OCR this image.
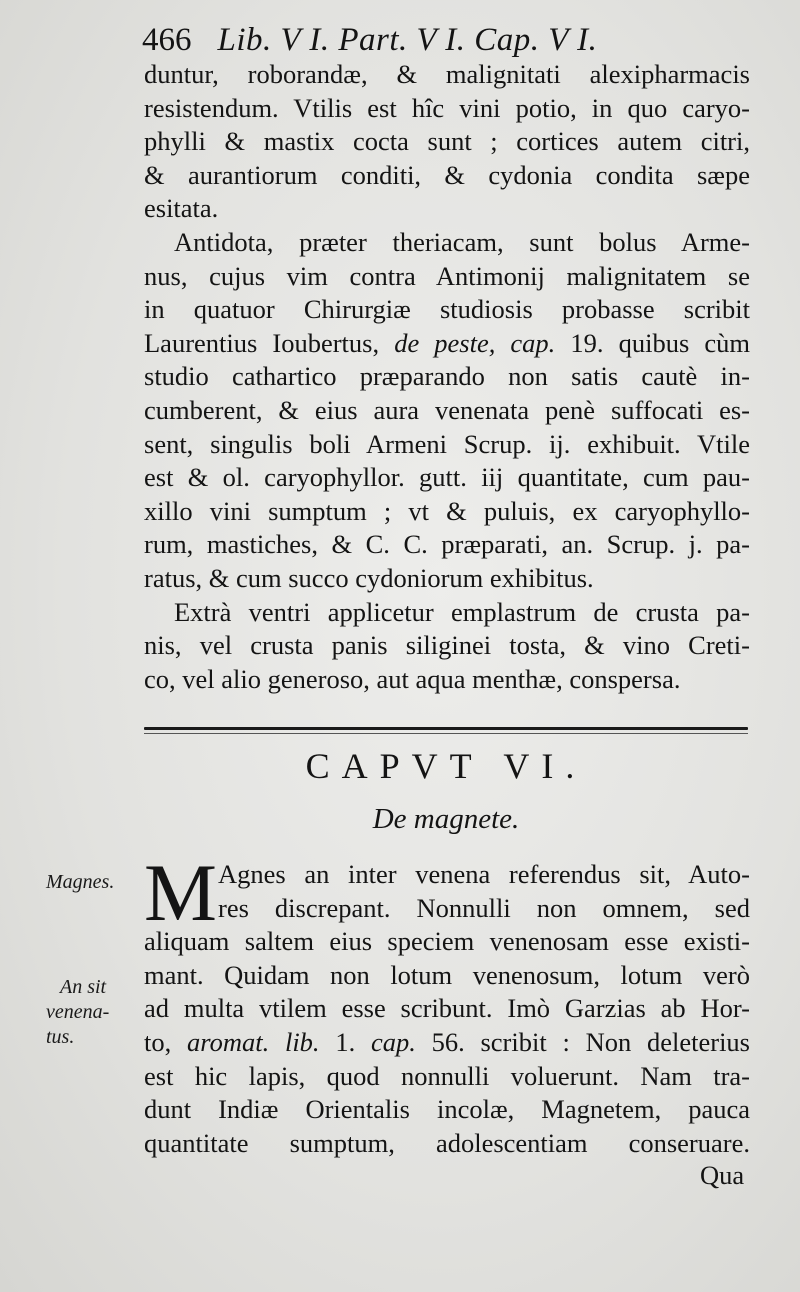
466 Lib. V I. Part. V I. Cap. V I.
duntur, roborandæ, & malignitati alexipharmacis
resistendum. Vtilis est hîc vini potio, in quo caryo-
phylli & mastix cocta sunt ; cortices autem citri,
& aurantiorum conditi, & cydonia condita sæpe
esitata.
Antidota, præter theriacam, sunt bolus Arme-
nus, cujus vim contra Antimonij malignitatem se
in quatuor Chirurgiæ studiosis probasse scribit
Laurentius Ioubertus, de peste, cap. 19. quibus cùm
studio cathartico præparando non satis cautè in-
cumberent, & eius aura venenata penè suffocati es-
sent, singulis boli Armeni Scrup. ij. exhibuit. Vtile
est & ol. caryophyllor. gutt. iij quantitate, cum pau-
xillo vini sumptum ; vt & puluis, ex caryophyllo-
rum, mastiches, & C. C. præparati, an. Scrup. j. pa-
ratus, & cum succo cydoniorum exhibitus.
Extrà ventri applicetur emplastrum de crusta pa-
nis, vel crusta panis siliginei tosta, & vino Creti-
co, vel alio generoso, aut aqua menthæ, conspersa.
CAPVT VI.
De magnete.
M Agnes an inter venena referendus sit, Auto-
res discrepant. Nonnulli non omnem, sed
aliquam saltem eius speciem venenosam esse existi-
mant. Quidam non lotum venenosum, lotum verò
ad multa vtilem esse scribunt. Imò Garzias ab Hor-
to, aromat. lib. 1. cap. 56. scribit : Non deleterius
est hic lapis, quod nonnulli voluerunt. Nam tra-
dunt Indiæ Orientalis incolæ, Magnetem, pauca
quantitate sumptum, adolescentiam conseruare.
Qua
Magnes.
An sit
venena-
tus.
